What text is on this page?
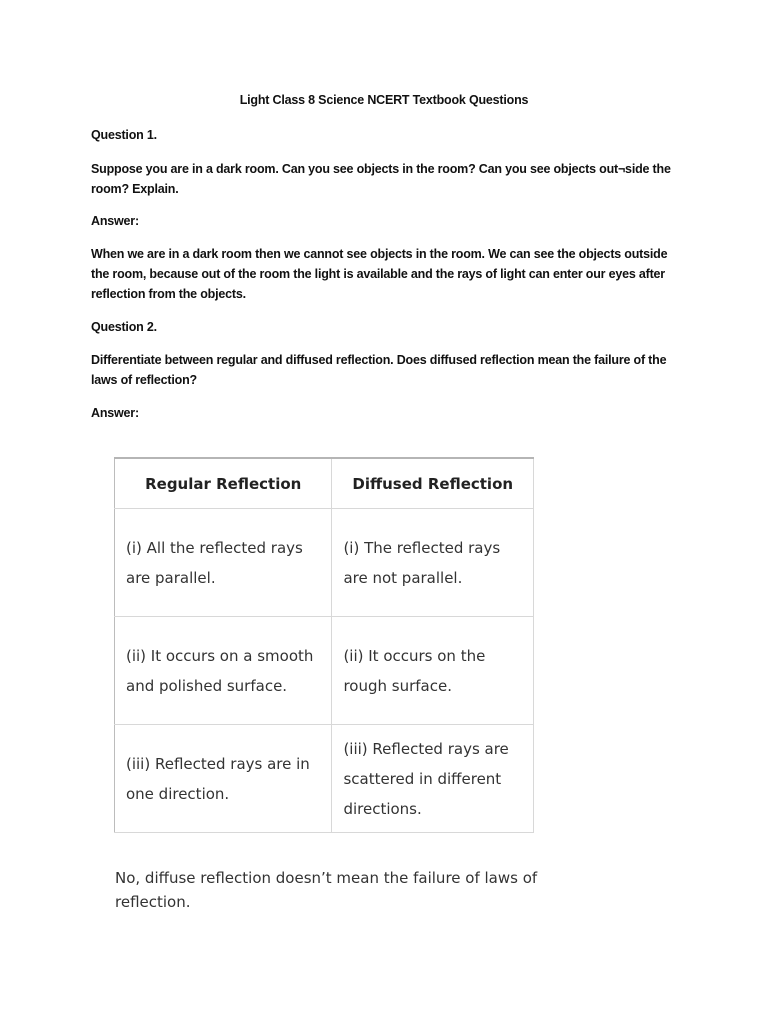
Light Class 8 Science NCERT Textbook Questions
Question 1.
Suppose you are in a dark room. Can you see objects in the room? Can you see objects out¬side the room? Explain.
Answer:
When we are in a dark room then we cannot see objects in the room. We can see the objects outside the room, because out of the room the light is available and the rays of light can enter our eyes after reflection from the objects.
Question 2.
Differentiate between regular and diffused reflection. Does diffused reflection mean the failure of the laws of reflection?
Answer:
Regular Reflection	Diffused Reflection
(i) All the reflected rays are parallel.	(i) The reflected rays are not parallel.
(ii) It occurs on a smooth and polished surface.	(ii) It occurs on the rough surface.
(iii) Reflected rays are in one direction.	(iii) Reflected rays are scattered in different directions.
No, diffuse reflection doesn’t mean the failure of laws of reflection.
